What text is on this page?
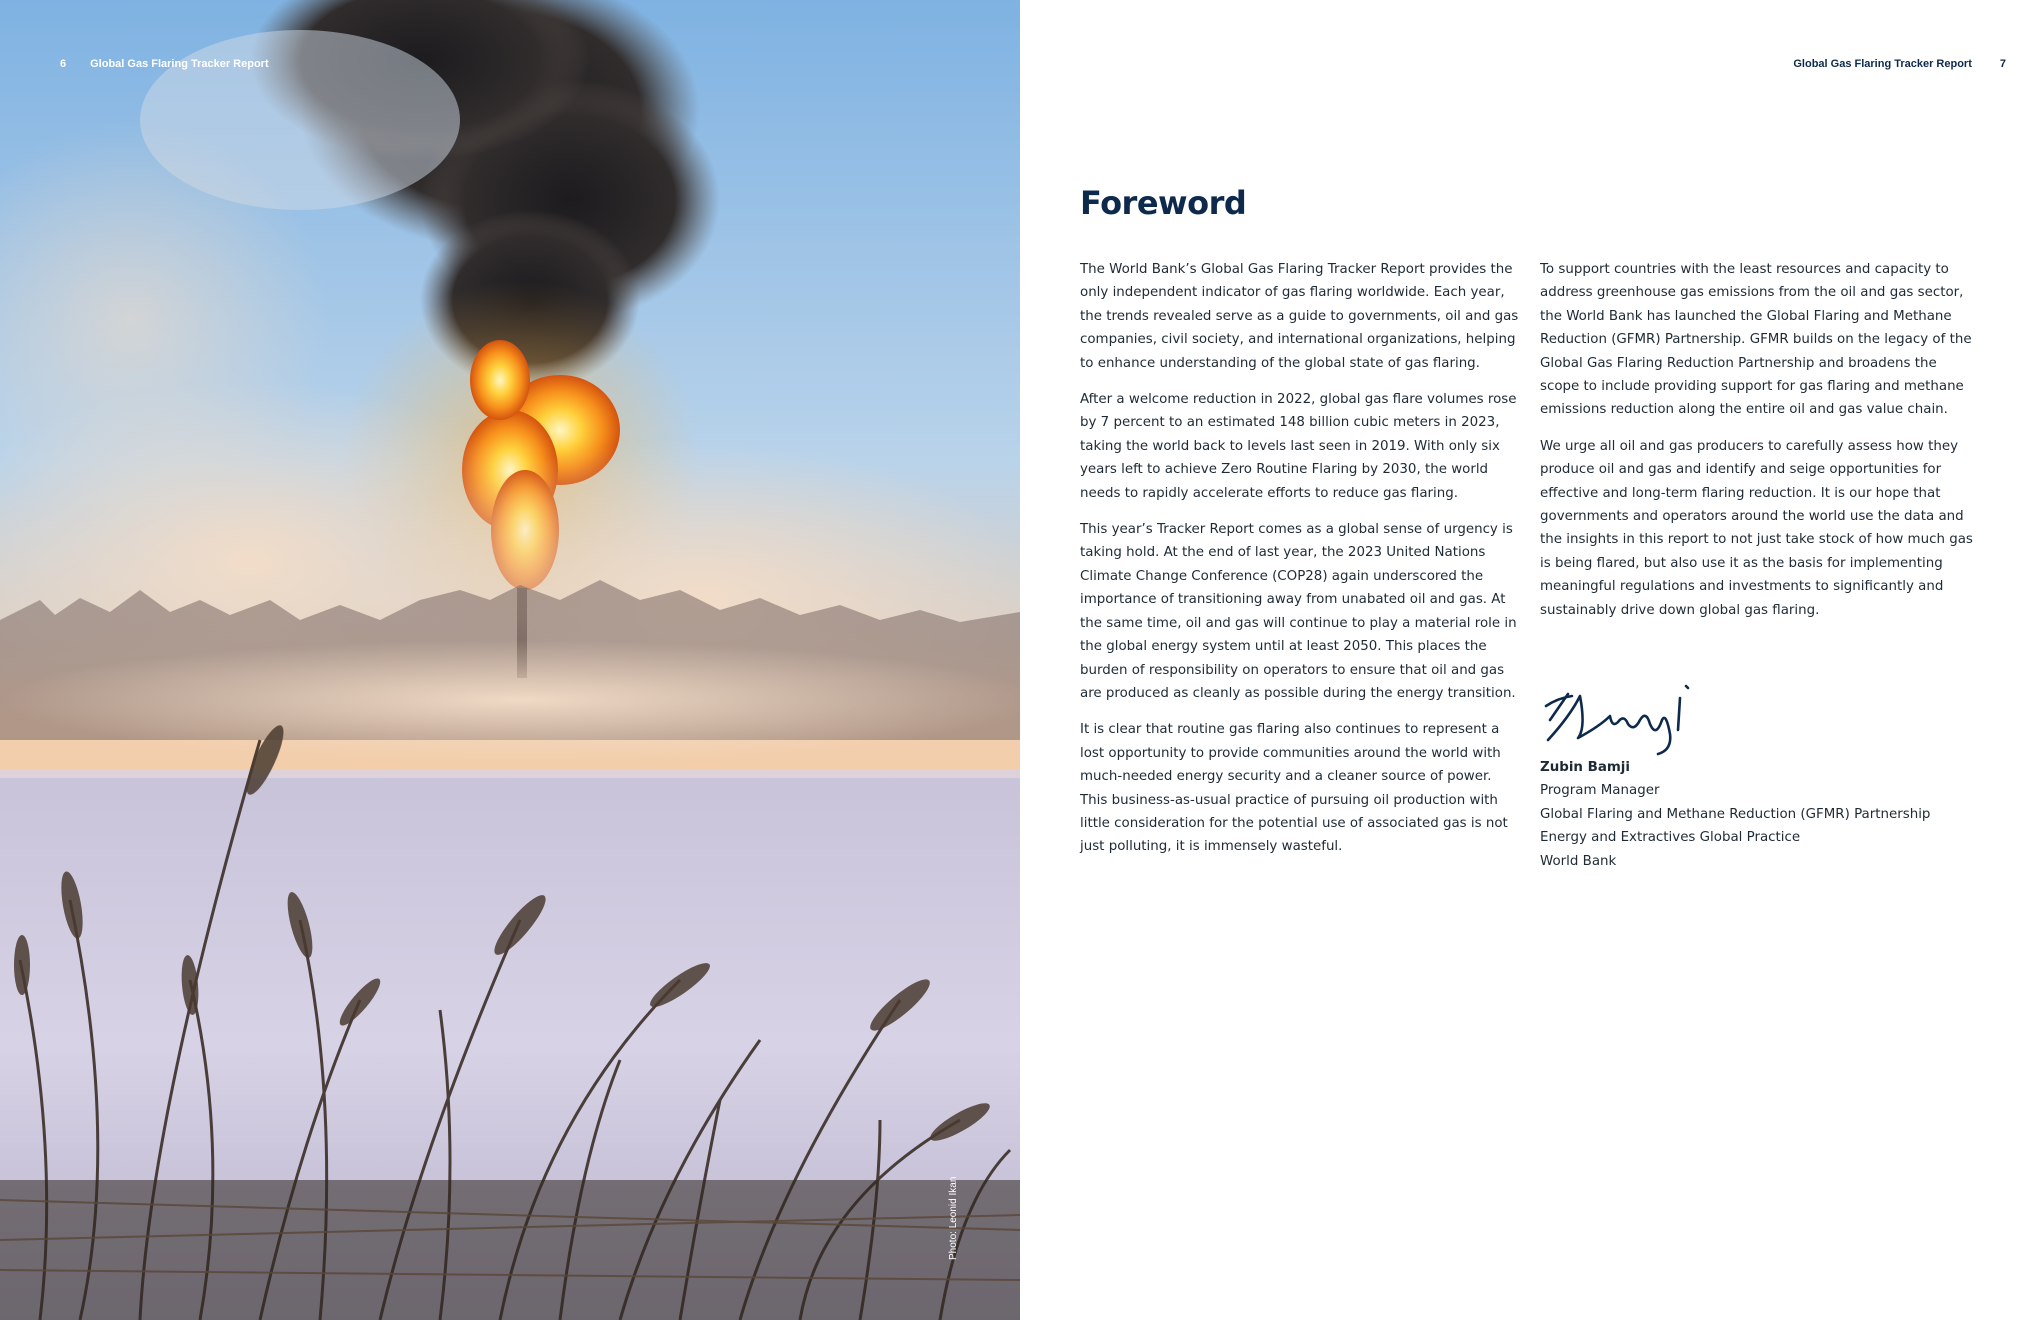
6 Global Gas Flaring Tracker Report
Photo: Leonid Ikan
Global Gas Flaring Tracker Report	7
Foreword

The World Bank’s Global Gas Flaring Tracker Report provides the only independent indicator of gas flaring worldwide. Each year, the trends revealed serve as a guide to governments, oil and gas companies, civil society, and international organizations, helping to enhance understanding of the global state of gas flaring.

After a welcome reduction in 2022, global gas flare volumes rose by 7 percent to an estimated 148 billion cubic meters in 2023, taking the world back to levels last seen in 2019. With only six years left to achieve Zero Routine Flaring by 2030, the world needs to rapidly accelerate efforts to reduce gas flaring.

This year’s Tracker Report comes as a global sense of urgency is taking hold. At the end of last year, the 2023 United Nations Climate Change Conference (COP28) again underscored the importance of transitioning away from unabated oil and gas. At the same time, oil and gas will continue to play a material role in the global energy system until at least 2050. This places the burden of responsibility on operators to ensure that oil and gas are produced as cleanly as possible during the energy transition.

It is clear that routine gas flaring also continues to represent a lost opportunity to provide communities around the world with much-needed energy security and a cleaner source of power. This business-as-usual practice of pursuing oil production with little consideration for the potential use of associated gas is not just polluting, it is immensely wasteful.

To support countries with the least resources and capacity to address greenhouse gas emissions from the oil and gas sector, the World Bank has launched the Global Flaring and Methane Reduction (GFMR) Partnership. GFMR builds on the legacy of the Global Gas Flaring Reduction Partnership and broadens the scope to include providing support for gas flaring and methane emissions reduction along the entire oil and gas value chain.

We urge all oil and gas producers to carefully assess how they produce oil and gas and identify and seige opportunities for effective and long-term flaring reduction. It is our hope that governments and operators around the world use the data and the insights in this report to not just take stock of how much gas is being flared, but also use it as the basis for implementing meaningful regulations and investments to significantly and sustainably drive down global gas flaring.

Zubin Bamji
Program Manager
Global Flaring and Methane Reduction (GFMR) Partnership
Energy and Extractives Global Practice
World Bank
